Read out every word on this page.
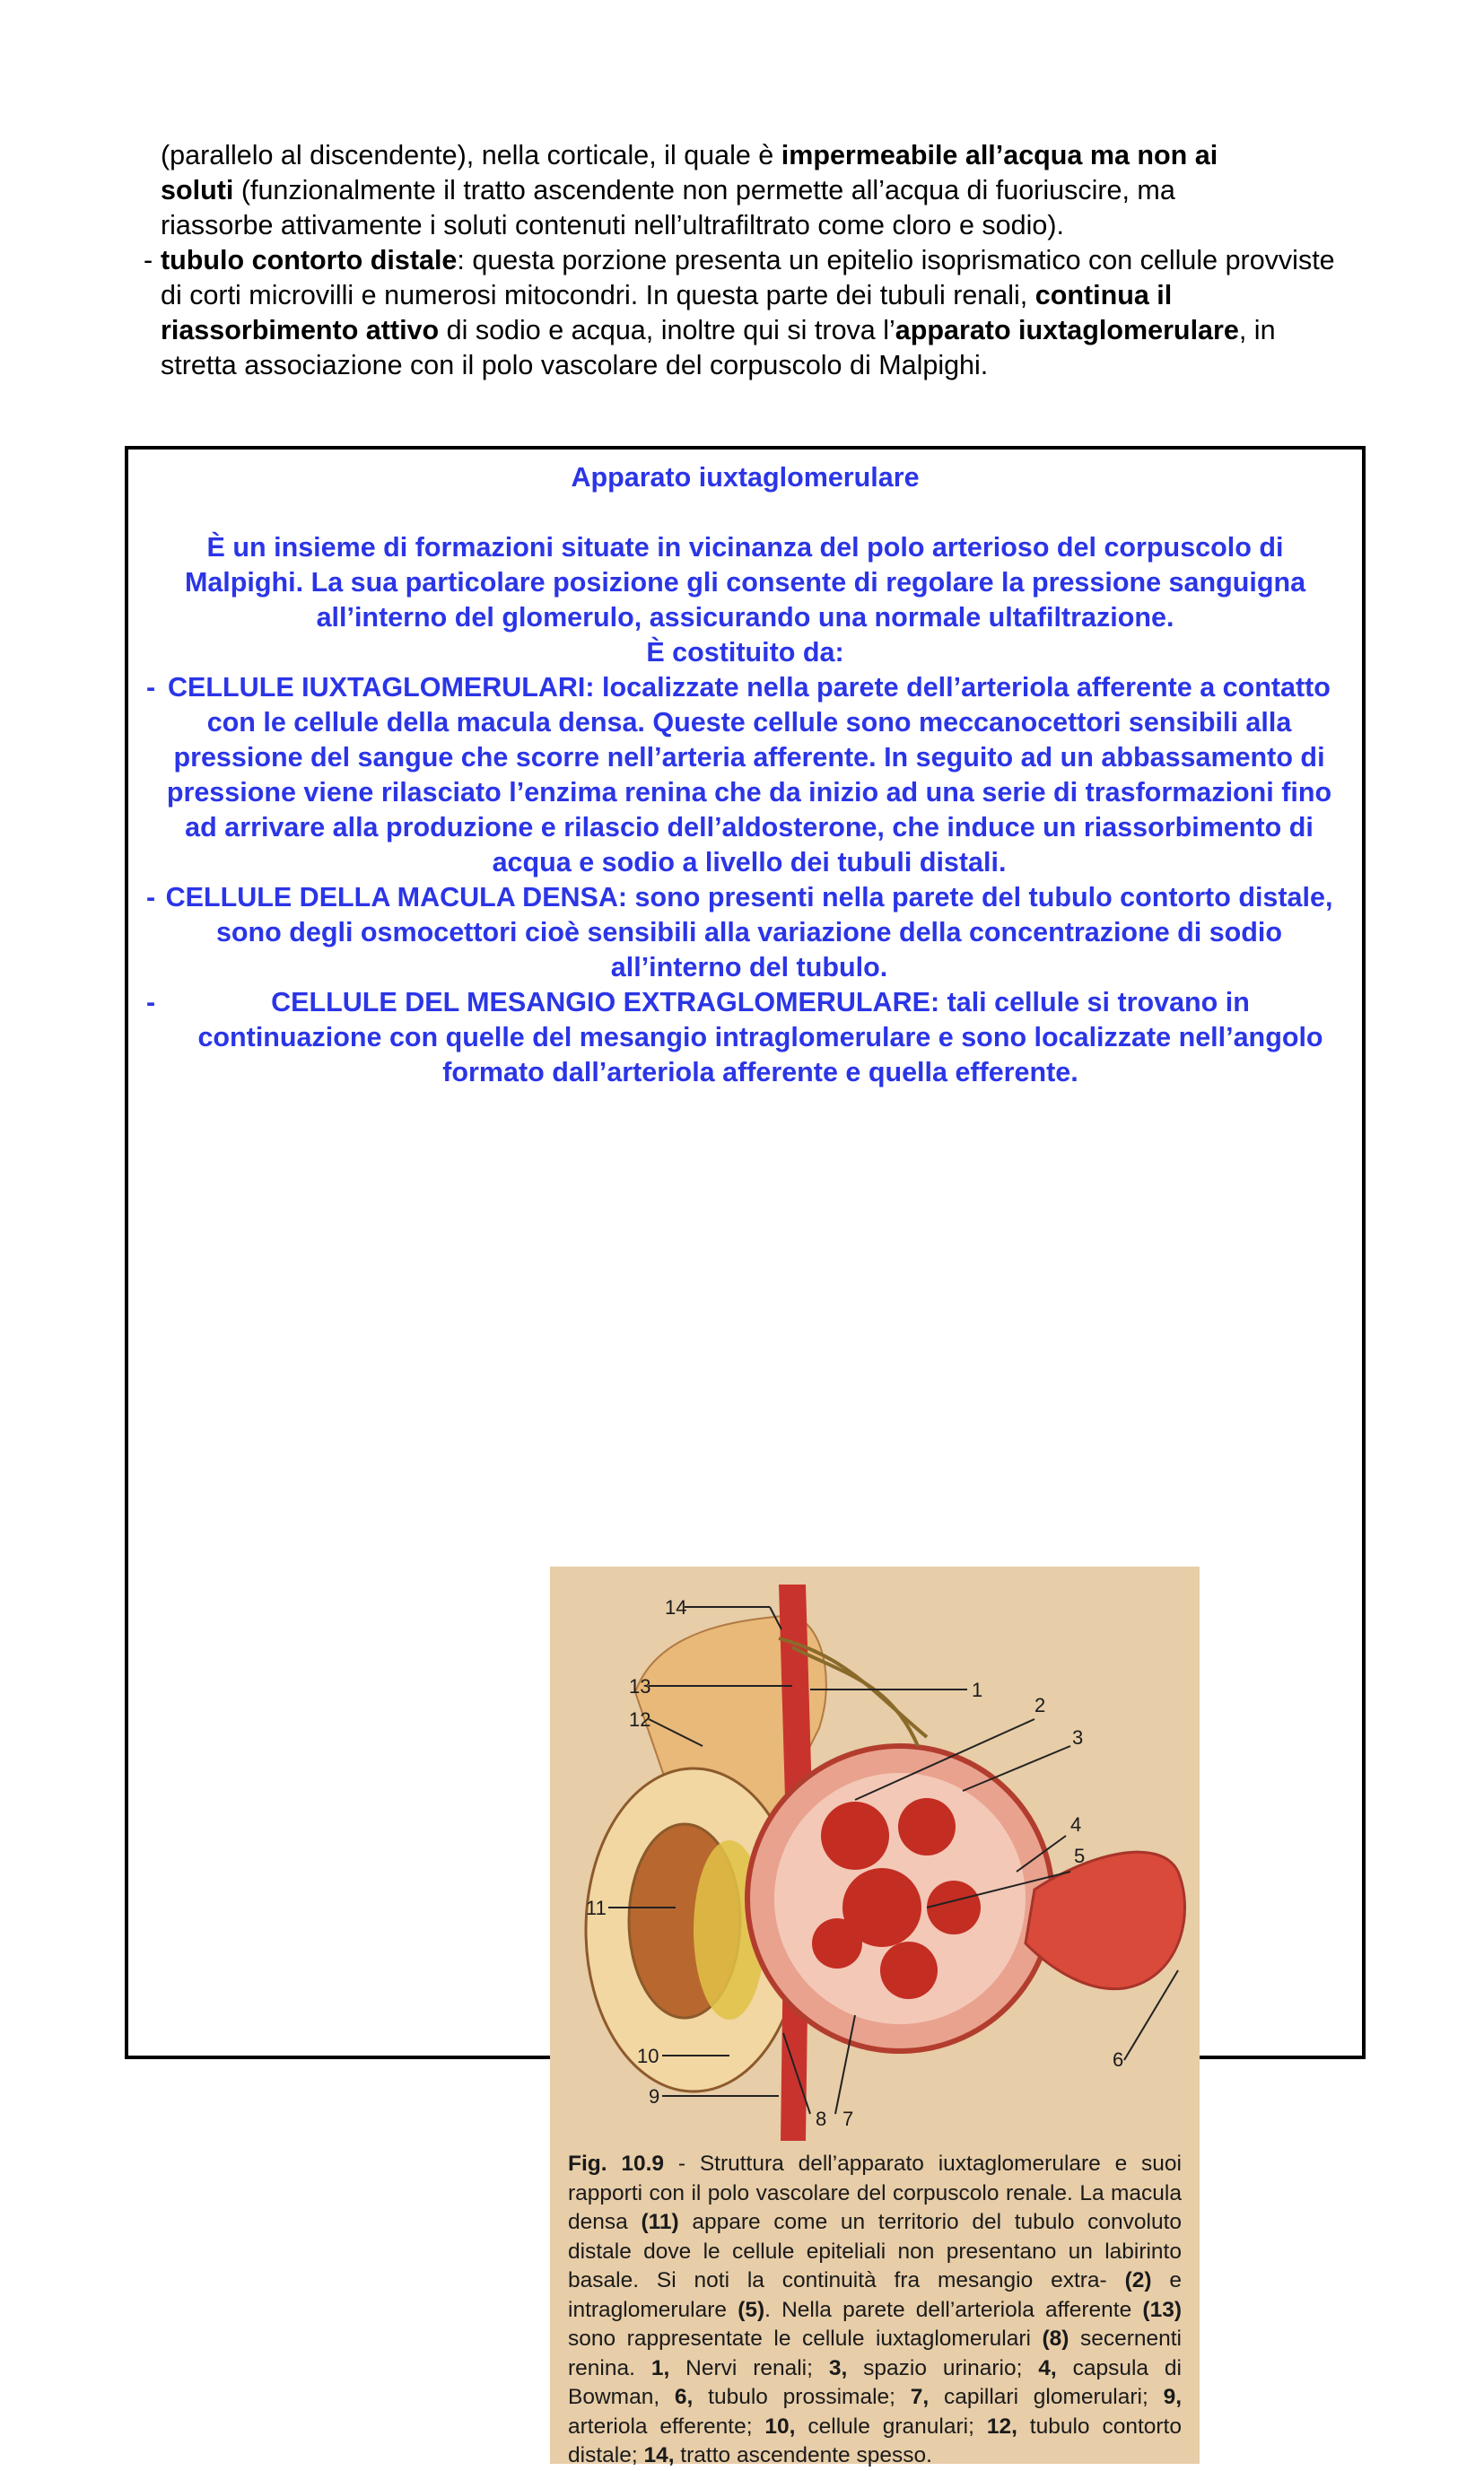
(parallelo al discendente), nella corticale, il quale è impermeabile all’acqua ma non ai

soluti (funzionalmente il tratto ascendente non permette all’acqua di fuoriuscire, ma

riassorbe attivamente i soluti contenuti nell’ultrafiltrato come cloro e sodio).

- tubulo contorto distale: questa porzione presenta un epitelio isoprismatico con cellule provviste di corti microvilli e numerosi mitocondri. In questa parte dei tubuli renali, continua il riassorbimento attivo di sodio e acqua, inoltre qui si trova l’apparato iuxtaglomerulare, in stretta associazione con il polo vascolare del corpuscolo di Malpighi.

Apparato iuxtaglomerulare

È un insieme di formazioni situate in vicinanza del polo arterioso del corpuscolo di Malpighi. La sua particolare posizione gli consente di regolare la pressione sanguigna all’interno del glomerulo, assicurando una normale ultafiltrazione.

È costituito da:

- CELLULE IUXTAGLOMERULARI: localizzate nella parete dell’arteriola afferente a contatto con le cellule della macula densa. Queste cellule sono meccanocettori sensibili alla pressione del sangue che scorre nell’arteria afferente. In seguito ad un abbassamento di pressione viene rilasciato l’enzima renina che da inizio ad una serie di trasformazioni fino ad arrivare alla produzione e rilascio dell’aldosterone, che induce un riassorbimento di acqua e sodio a livello dei tubuli distali.

- CELLULE DELLA MACULA DENSA: sono presenti nella parete del tubulo contorto distale, sono degli osmocettori cioè sensibili alla variazione della concentrazione di sodio all’interno del tubulo.

-	CELLULE DEL MESANGIO EXTRAGLOMERULARE: tali cellule si trovano in continuazione con quelle del mesangio intraglomerulare e sono localizzate nell’angolo formato dall’arteriola afferente e quella efferente.

14
13
12
1
2
3
4
5
11
10
9
8 7
6
Fig. 10.9 - Struttura dell’apparato iuxtaglomerulare e suoi rapporti con il polo vascolare del corpuscolo renale. La macula densa (11) appare come un territorio del tubulo convoluto distale dove le cellule epiteliali non presentano un labirinto basale. Si noti la continuità fra mesangio extra- (2) e intraglomerulare (5). Nella parete dell’arteriola afferente (13) sono rappresentate le cellule iuxtaglomerulari (8) secernenti renina. 1, Nervi renali; 3, spazio urinario; 4, capsula di Bowman, 6, tubulo prossimale; 7, capillari glomerulari; 9, arteriola efferente; 10, cellule granulari; 12, tubulo contorto distale; 14, tratto ascendente spesso.
